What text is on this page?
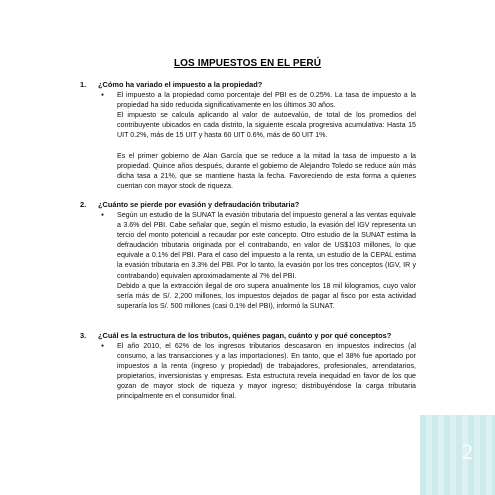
LOS IMPUESTOS EN EL PERÚ
1.	¿Cómo ha variado el impuesto a la propiedad?
●	El impuesto a la propiedad como porcentaje del PBI es de 0.25%. La tasa de impuesto a la propiedad ha sido reducida significativamente en los últimos 30 años.

El impuesto se calcula aplicando al valor de autoevalúo, de total de los promedios del contribuyente ubicados en cada distrito, la siguiente escala progresiva acumulativa: Hasta 15 UIT 0.2%, más de 15 UIT y hasta 60 UIT 0.6%, más de 60 UIT 1%.

Es el primer gobierno de Alan García que se reduce a la mitad la tasa de impuesto a la propiedad. Quince años después, durante el gobierno de Alejandro Toledo se reduce aún más dicha tasa a 21%, que se mantiene hasta la fecha. Favoreciendo de esta forma a quienes cuentan con mayor stock de riqueza.

2.	¿Cuánto se pierde por evasión y defraudación tributaria?
●	Según un estudio de la SUNAT la evasión tributaria del impuesto general a las ventas equivale a 3.6% del PBI. Cabe señalar que, según el mismo estudio, la evasión del IGV representa un tercio del monto potencial a recaudar por este concepto. Otro estudio de la SUNAT estima la defraudación tributaria originada por el contrabando, en valor de US$103 millones, lo que equivale a 0.1% del PBI. Para el caso del impuesto a la renta, un estudio de la CEPAL estima la evasión tributaria en 3.3% del PBI. Por lo tanto, la evasión por los tres conceptos (IGV, IR y contrabando) equivalen aproximadamente al 7% del PBI.

Debido a que la extracción ilegal de oro supera anualmente los 18 mil kilogramos, cuyo valor sería más de S/. 2,200 millones, los impuestos dejados de pagar al fisco por esta actividad superaría los S/. 500 millones (casi 0.1% del PBI), informó la SUNAT.

3.	¿Cuál es la estructura de los tributos, quiénes pagan, cuánto y por qué conceptos?
●	El año 2010, el 62% de los ingresos tributarios descasaron en impuestos indirectos (al consumo, a las transacciones y a las importaciones). En tanto, que el 38% fue aportado por impuestos a la renta (ingreso y propiedad) de trabajadores, profesionales, arrendatarios, propietarios, inversionistas y empresas. Esta estructura revela inequidad en favor de los que gozan de mayor stock de riqueza y mayor ingreso; distribuyéndose la carga tributaria principalmente en el consumidor final.

2
